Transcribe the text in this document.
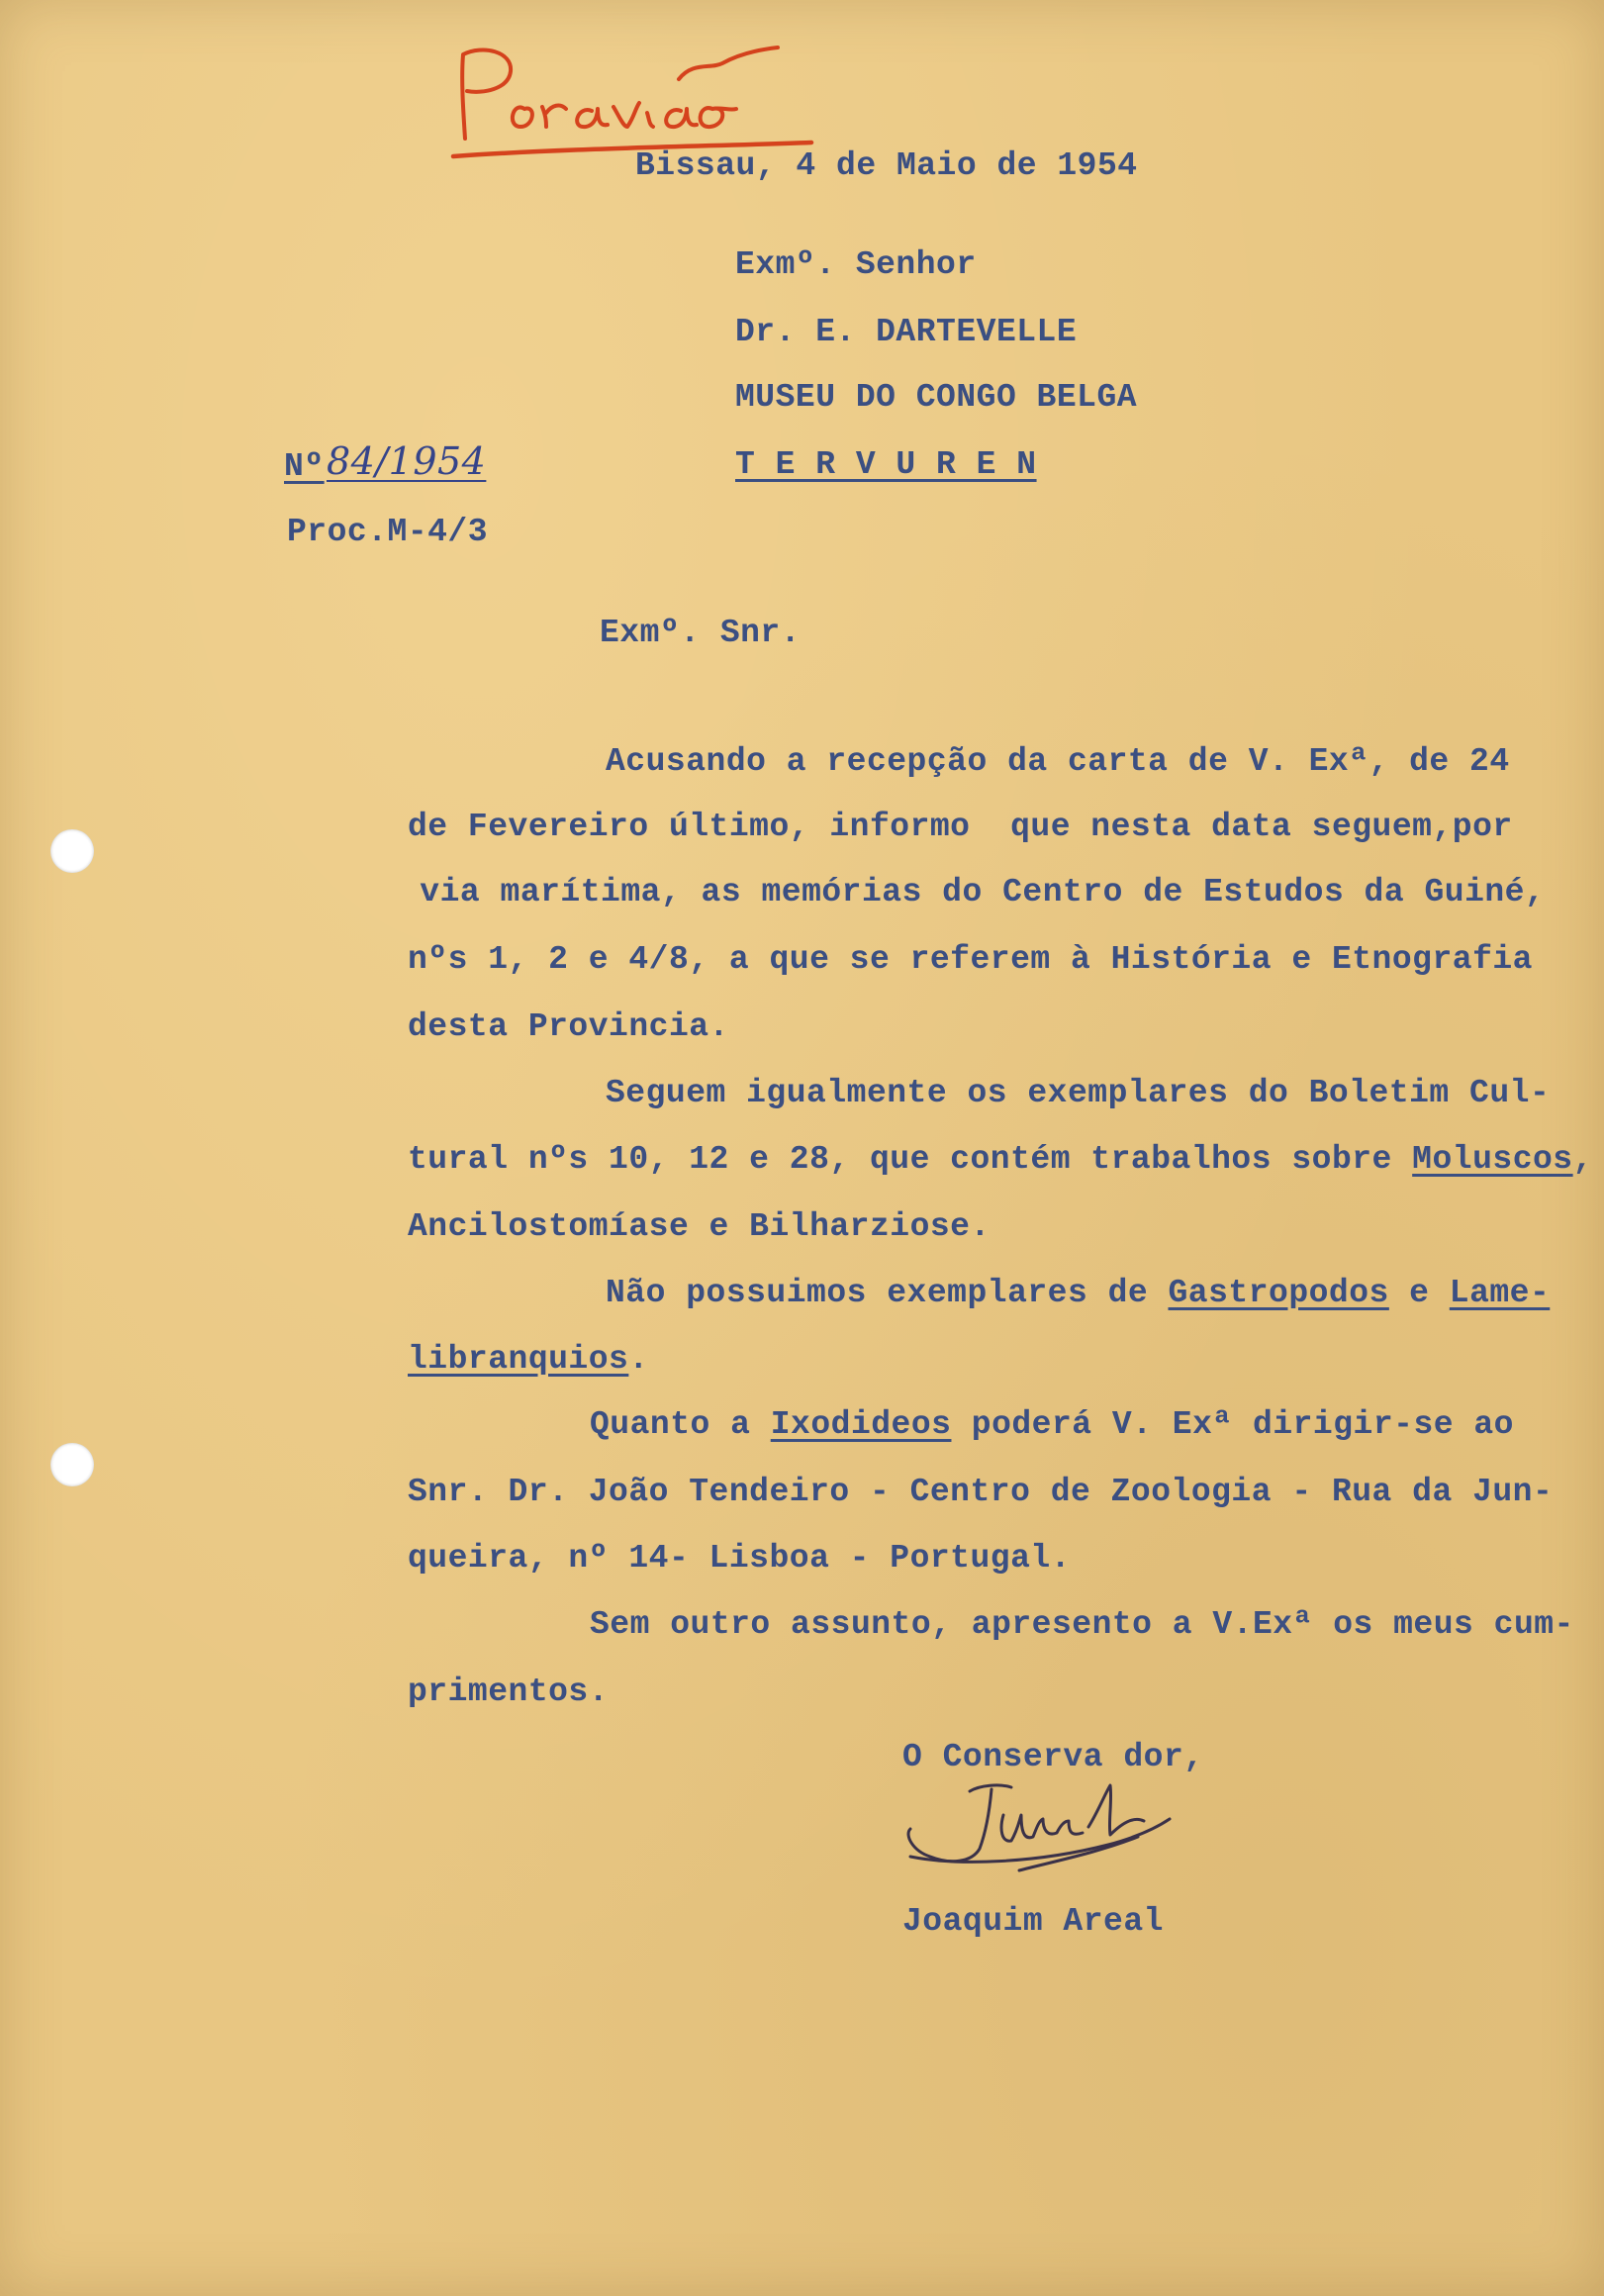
Bissau, 4 de Maio de 1954
Exmº. Senhor
Dr. E. DARTEVELLE
MUSEU DO CONGO BELGA
T E R V U R E N
Nº 84/1954
Proc.M-4/3
Exmº. Snr.
Acusando a recepção da carta de V. Exª, de 24
de Fevereiro último, informo  que nesta data seguem,por
via marítima, as memórias do Centro de Estudos da Guiné,
nºs 1, 2 e 4/8, a que se referem à História e Etnografia
desta Provincia.
Seguem igualmente os exemplares do Boletim Cul-
tural nºs 10, 12 e 28, que contém trabalhos sobre Moluscos,
Ancilostomíase e Bilharziose.
Não possuimos exemplares de Gastropodos e Lame-
libranquios.
Quanto a Ixodideos poderá V. Exª dirigir-se ao
Snr. Dr. João Tendeiro - Centro de Zoologia - Rua da Jun-
queira, nº 14- Lisboa - Portugal.
Sem outro assunto, apresento a V.Exª os meus cum-
primentos.
O Conserva dor,
Joaquim Areal
